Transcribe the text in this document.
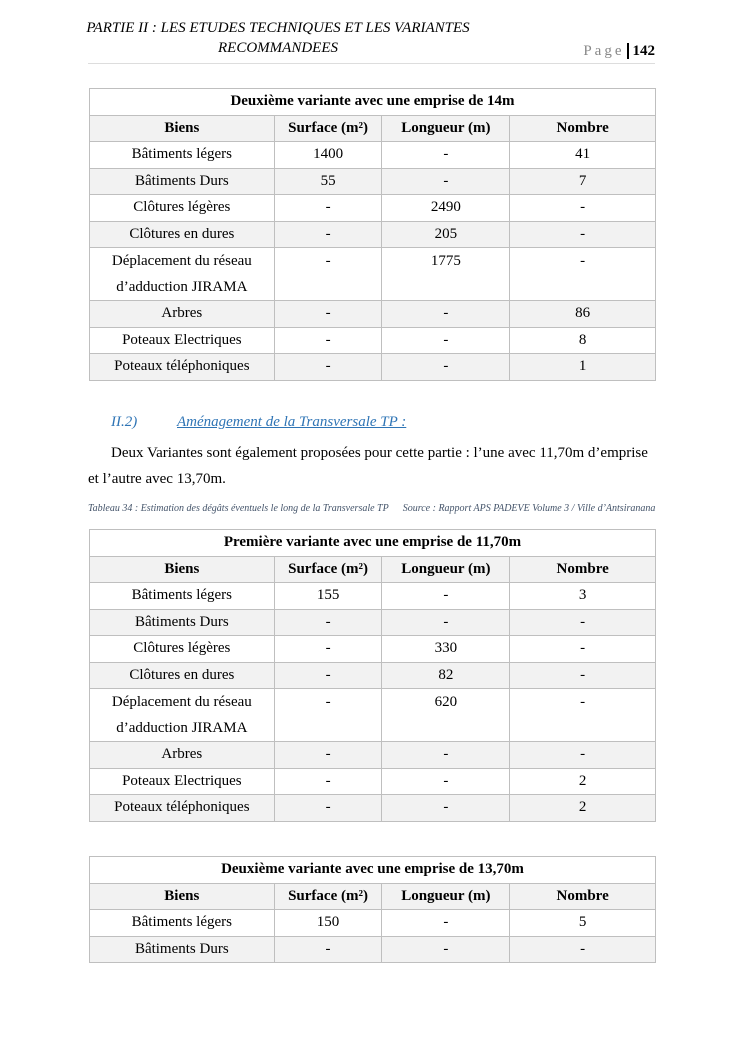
PARTIE II : LES ETUDES TECHNIQUES ET LES VARIANTES
RECOMMANDEES	Page 142
Deuxième variante avec une emprise de 14m			
Biens	Surface (m²)	Longueur (m)	Nombre
Bâtiments légers	1400	-	41
Bâtiments Durs	55	-	7
Clôtures légères	-	2490	-
Clôtures en dures	-	205	-
Déplacement du réseau d’adduction JIRAMA	-	1775	-
Arbres	-	-	86
Poteaux Electriques	-	-	8
Poteaux téléphoniques	-	-	1
II.2)	Aménagement de la Transversale TP :
Deux Variantes sont également proposées pour cette partie : l’une avec 11,70m d’emprise et l’autre avec 13,70m.
Tableau 34 : Estimation des dégâts éventuels le long de la Transversale TP Source : Rapport APS PADEVE Volume 3 / Ville d’Antsiranana
Première variante avec une emprise de 11,70m			
Biens	Surface (m²)	Longueur (m)	Nombre
Bâtiments légers	155	-	3
Bâtiments Durs	-	-	-
Clôtures légères	-	330	-
Clôtures en dures	-	82	-
Déplacement du réseau d’adduction JIRAMA	-	620	-
Arbres	-	-	-
Poteaux Electriques	-	-	2
Poteaux téléphoniques	-	-	2
Deuxième variante avec une emprise de 13,70m			
Biens	Surface (m²)	Longueur (m)	Nombre
Bâtiments légers	150	-	5
Bâtiments Durs	-	-	-
